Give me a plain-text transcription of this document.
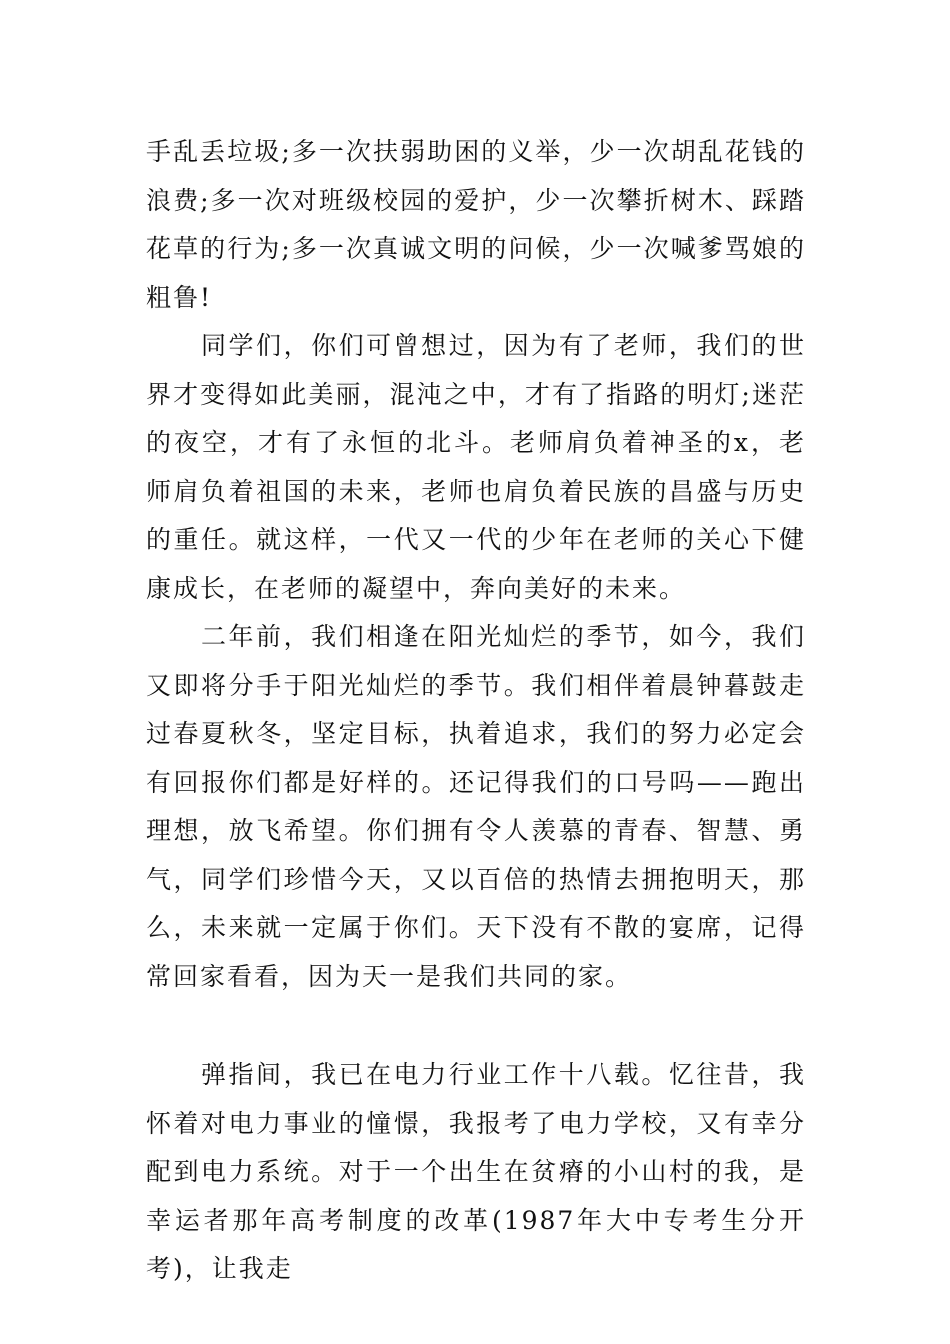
手乱丢垃圾;多一次扶弱助困的义举，少一次胡乱花钱的浪费;多一次对班级校园的爱护，少一次攀折树木、踩踏花草的行为;多一次真诚文明的问候，少一次喊爹骂娘的粗鲁!

同学们，你们可曾想过，因为有了老师，我们的世界才变得如此美丽，混沌之中，才有了指路的明灯;迷茫的夜空，才有了永恒的北斗。老师肩负着神圣的x，老师肩负着祖国的未来，老师也肩负着民族的昌盛与历史的重任。就这样，一代又一代的少年在老师的关心下健康成长，在老师的凝望中，奔向美好的未来。

二年前，我们相逢在阳光灿烂的季节，如今，我们又即将分手于阳光灿烂的季节。我们相伴着晨钟暮鼓走过春夏秋冬，坚定目标，执着追求，我们的努力必定会有回报你们都是好样的。还记得我们的口号吗——跑出理想，放飞希望。你们拥有令人羡慕的青春、智慧、勇气，同学们珍惜今天，又以百倍的热情去拥抱明天，那么，未来就一定属于你们。天下没有不散的宴席，记得常回家看看，因为天一是我们共同的家。

弹指间，我已在电力行业工作十八载。忆往昔，我怀着对电力事业的憧憬，我报考了电力学校，又有幸分配到电力系统。对于一个出生在贫瘠的小山村的我，是幸运者那年高考制度的改革(1987年大中专考生分开考)，让我走
